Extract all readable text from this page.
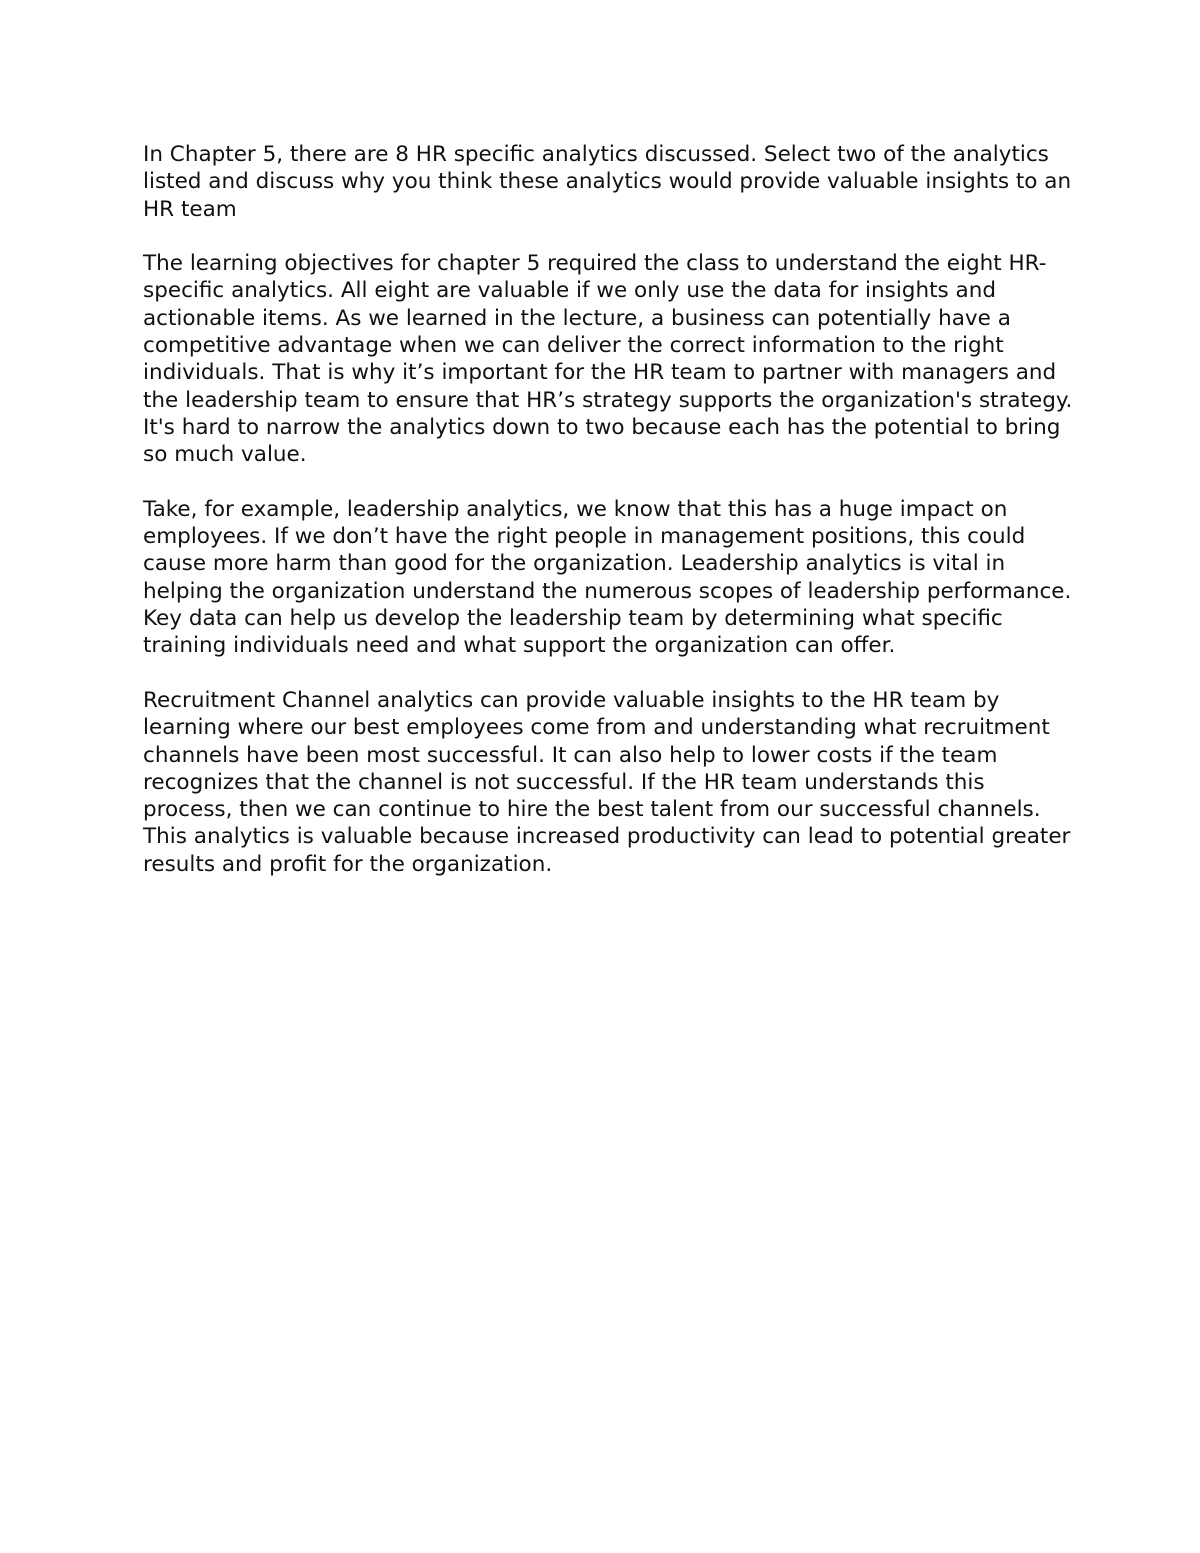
In Chapter 5, there are 8 HR specific analytics discussed. Select two of the analytics listed and discuss why you think these analytics would provide valuable insights to an HR team

The learning objectives for chapter 5 required the class to understand the eight HR-specific analytics. All eight are valuable if we only use the data for insights and actionable items. As we learned in the lecture, a business can potentially have a competitive advantage when we can deliver the correct information to the right individuals. That is why it’s important for the HR team to partner with managers and the leadership team to ensure that HR’s strategy supports the organization's strategy. It's hard to narrow the analytics down to two because each has the potential to bring so much value.

Take, for example, leadership analytics, we know that this has a huge impact on employees. If we don’t have the right people in management positions, this could cause more harm than good for the organization. Leadership analytics is vital in helping the organization understand the numerous scopes of leadership performance. Key data can help us develop the leadership team by determining what specific training individuals need and what support the organization can offer.

Recruitment Channel analytics can provide valuable insights to the HR team by learning where our best employees come from and understanding what recruitment channels have been most successful. It can also help to lower costs if the team recognizes that the channel is not successful. If the HR team understands this process, then we can continue to hire the best talent from our successful channels. This analytics is valuable because increased productivity can lead to potential greater results and profit for the organization.
